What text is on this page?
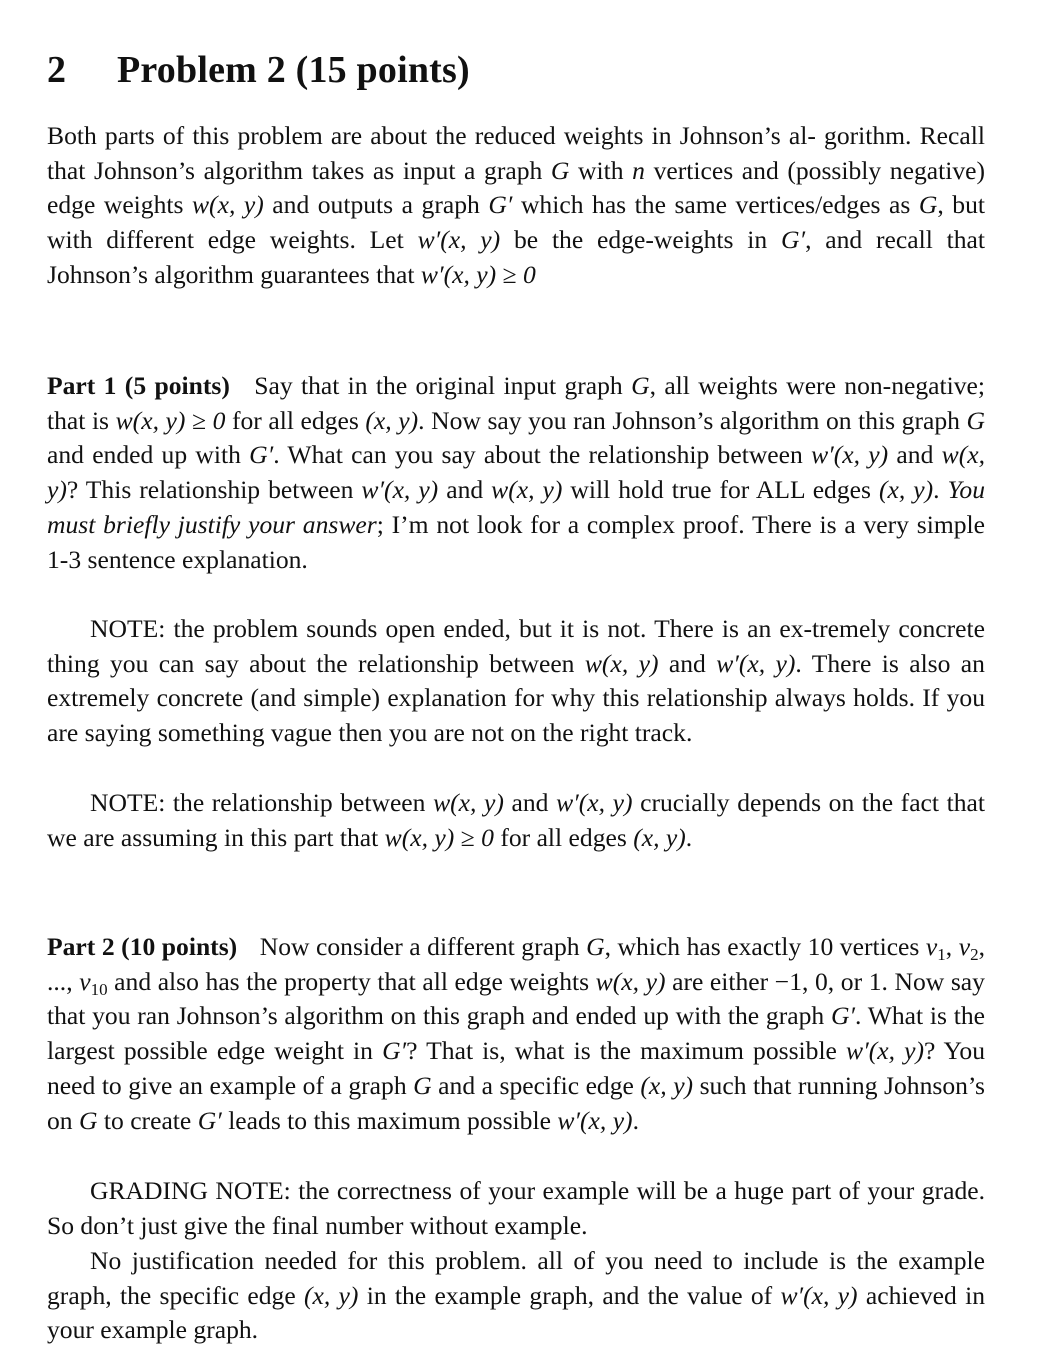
2 Problem 2 (15 points)

Both parts of this problem are about the reduced weights in Johnson’s al- gorithm. Recall that Johnson’s algorithm takes as input a graph G with n vertices and (possibly negative) edge weights w(x, y) and outputs a graph G′ which has the same vertices/edges as G, but with different edge weights. Let w′(x, y) be the edge-weights in G′, and recall that Johnson’s algorithm guarantees that w′(x, y) ≥ 0

Part 1 (5 points) Say that in the original input graph G, all weights were non-negative; that is w(x, y) ≥ 0 for all edges (x, y). Now say you ran Johnson’s algorithm on this graph G and ended up with G′. What can you say about the relationship between w′(x, y) and w(x, y)? This relationship between w′(x, y) and w(x, y) will hold true for ALL edges (x, y). You must briefly justify your answer; I’m not look for a complex proof. There is a very simple 1-3 sentence explanation.

NOTE: the problem sounds open ended, but it is not. There is an ex-tremely concrete thing you can say about the relationship between w(x, y) and w′(x, y). There is also an extremely concrete (and simple) explanation for why this relationship always holds. If you are saying something vague then you are not on the right track.

NOTE: the relationship between w(x, y) and w′(x, y) crucially depends on the fact that we are assuming in this part that w(x, y) ≥ 0 for all edges (x, y).

Part 2 (10 points) Now consider a different graph G, which has exactly 10 vertices $v_1$, $v_2$, ..., $v_{10}$ and also has the property that all edge weights w(x, y) are either −1, 0, or 1. Now say that you ran Johnson’s algorithm on this graph and ended up with the graph G′. What is the largest possible edge weight in G′? That is, what is the maximum possible w′(x, y)? You need to give an example of a graph G and a specific edge (x, y) such that running Johnson’s on G to create G′ leads to this maximum possible w′(x, y).

GRADING NOTE: the correctness of your example will be a huge part of your grade. So don’t just give the final number without example.

No justification needed for this problem. all of you need to include is the example graph, the specific edge (x, y) in the example graph, and the value of w′(x, y) achieved in your example graph.
